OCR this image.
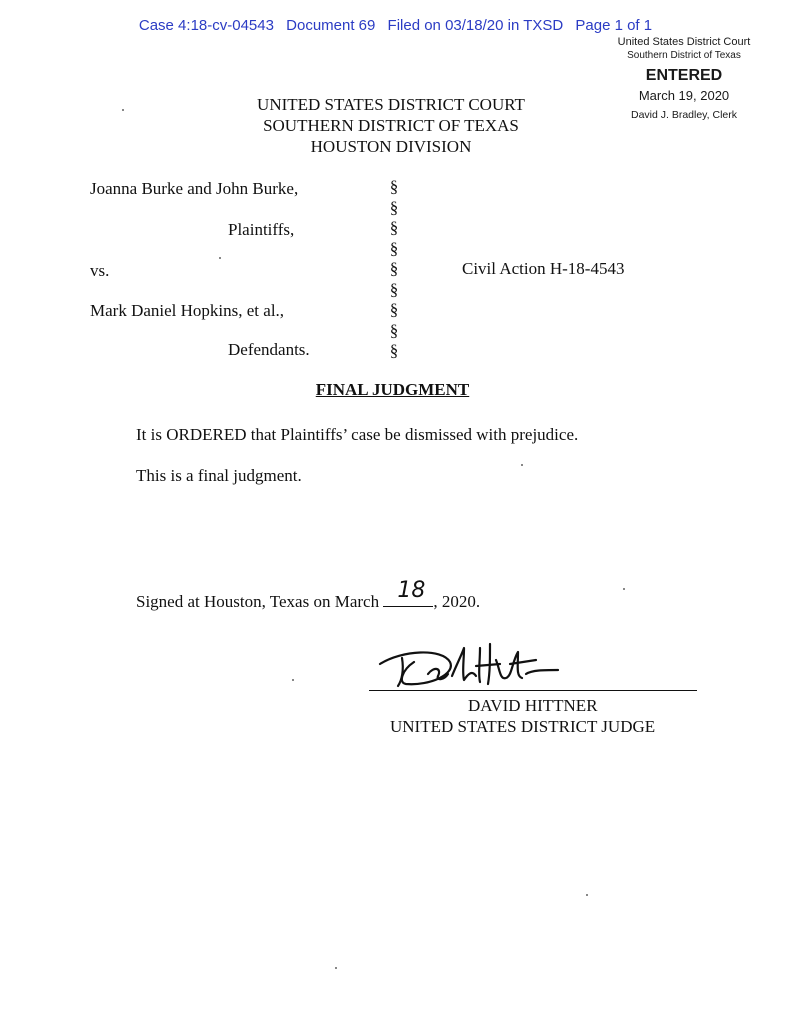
Case 4:18-cv-04543 Document 69 Filed on 03/18/20 in TXSD Page 1 of 1
United States District Court
Southern District of Texas
ENTERED
March 19, 2020
David J. Bradley, Clerk
UNITED STATES DISTRICT COURT
SOUTHERN DISTRICT OF TEXAS
HOUSTON DIVISION
Joanna Burke and John Burke,
Plaintiffs,
vs.	Civil Action H-18-4543
Mark Daniel Hopkins, et al.,
Defendants.
§
§
§
§
§
§
§
§
§
FINAL JUDGMENT
It is ORDERED that Plaintiffs’ case be dismissed with prejudice.
This is a final judgment.
Signed at Houston, Texas on March 18 , 2020.
DAVID HITTNER
UNITED STATES DISTRICT JUDGE
